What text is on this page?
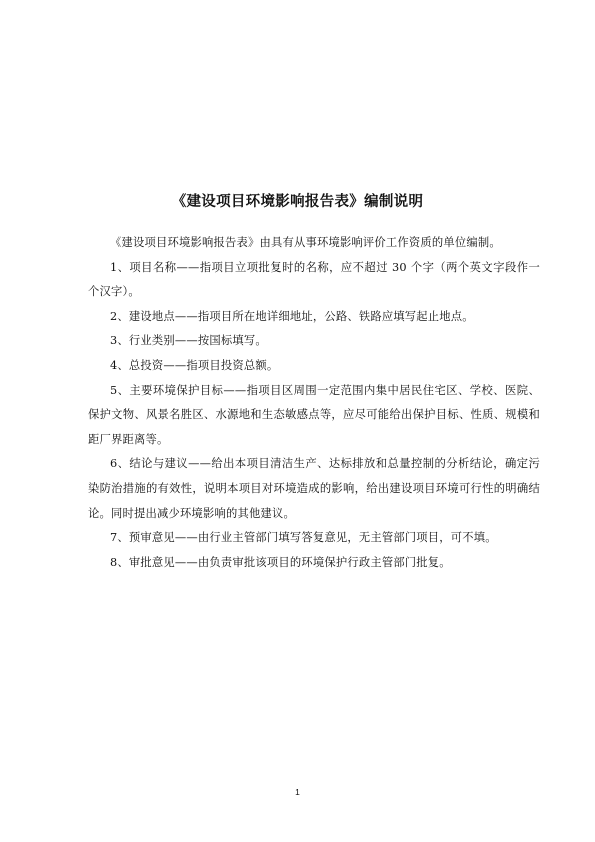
《建设项目环境影响报告表》编制说明

《建设项目环境影响报告表》由具有从事环境影响评价工作资质的单位编制。

1、项目名称——指项目立项批复时的名称，应不超过 30 个字（两个英文字段作一个汉字）。

2、建设地点——指项目所在地详细地址，公路、铁路应填写起止地点。

3、行业类别——按国标填写。

4、总投资——指项目投资总额。

5、主要环境保护目标——指项目区周围一定范围内集中居民住宅区、学校、医院、保护文物、风景名胜区、水源地和生态敏感点等，应尽可能给出保护目标、性质、规模和距厂界距离等。

6、结论与建议——给出本项目清洁生产、达标排放和总量控制的分析结论，确定污染防治措施的有效性，说明本项目对环境造成的影响，给出建设项目环境可行性的明确结论。同时提出减少环境影响的其他建议。

7、预审意见——由行业主管部门填写答复意见，无主管部门项目，可不填。

8、审批意见——由负责审批该项目的环境保护行政主管部门批复。

1
